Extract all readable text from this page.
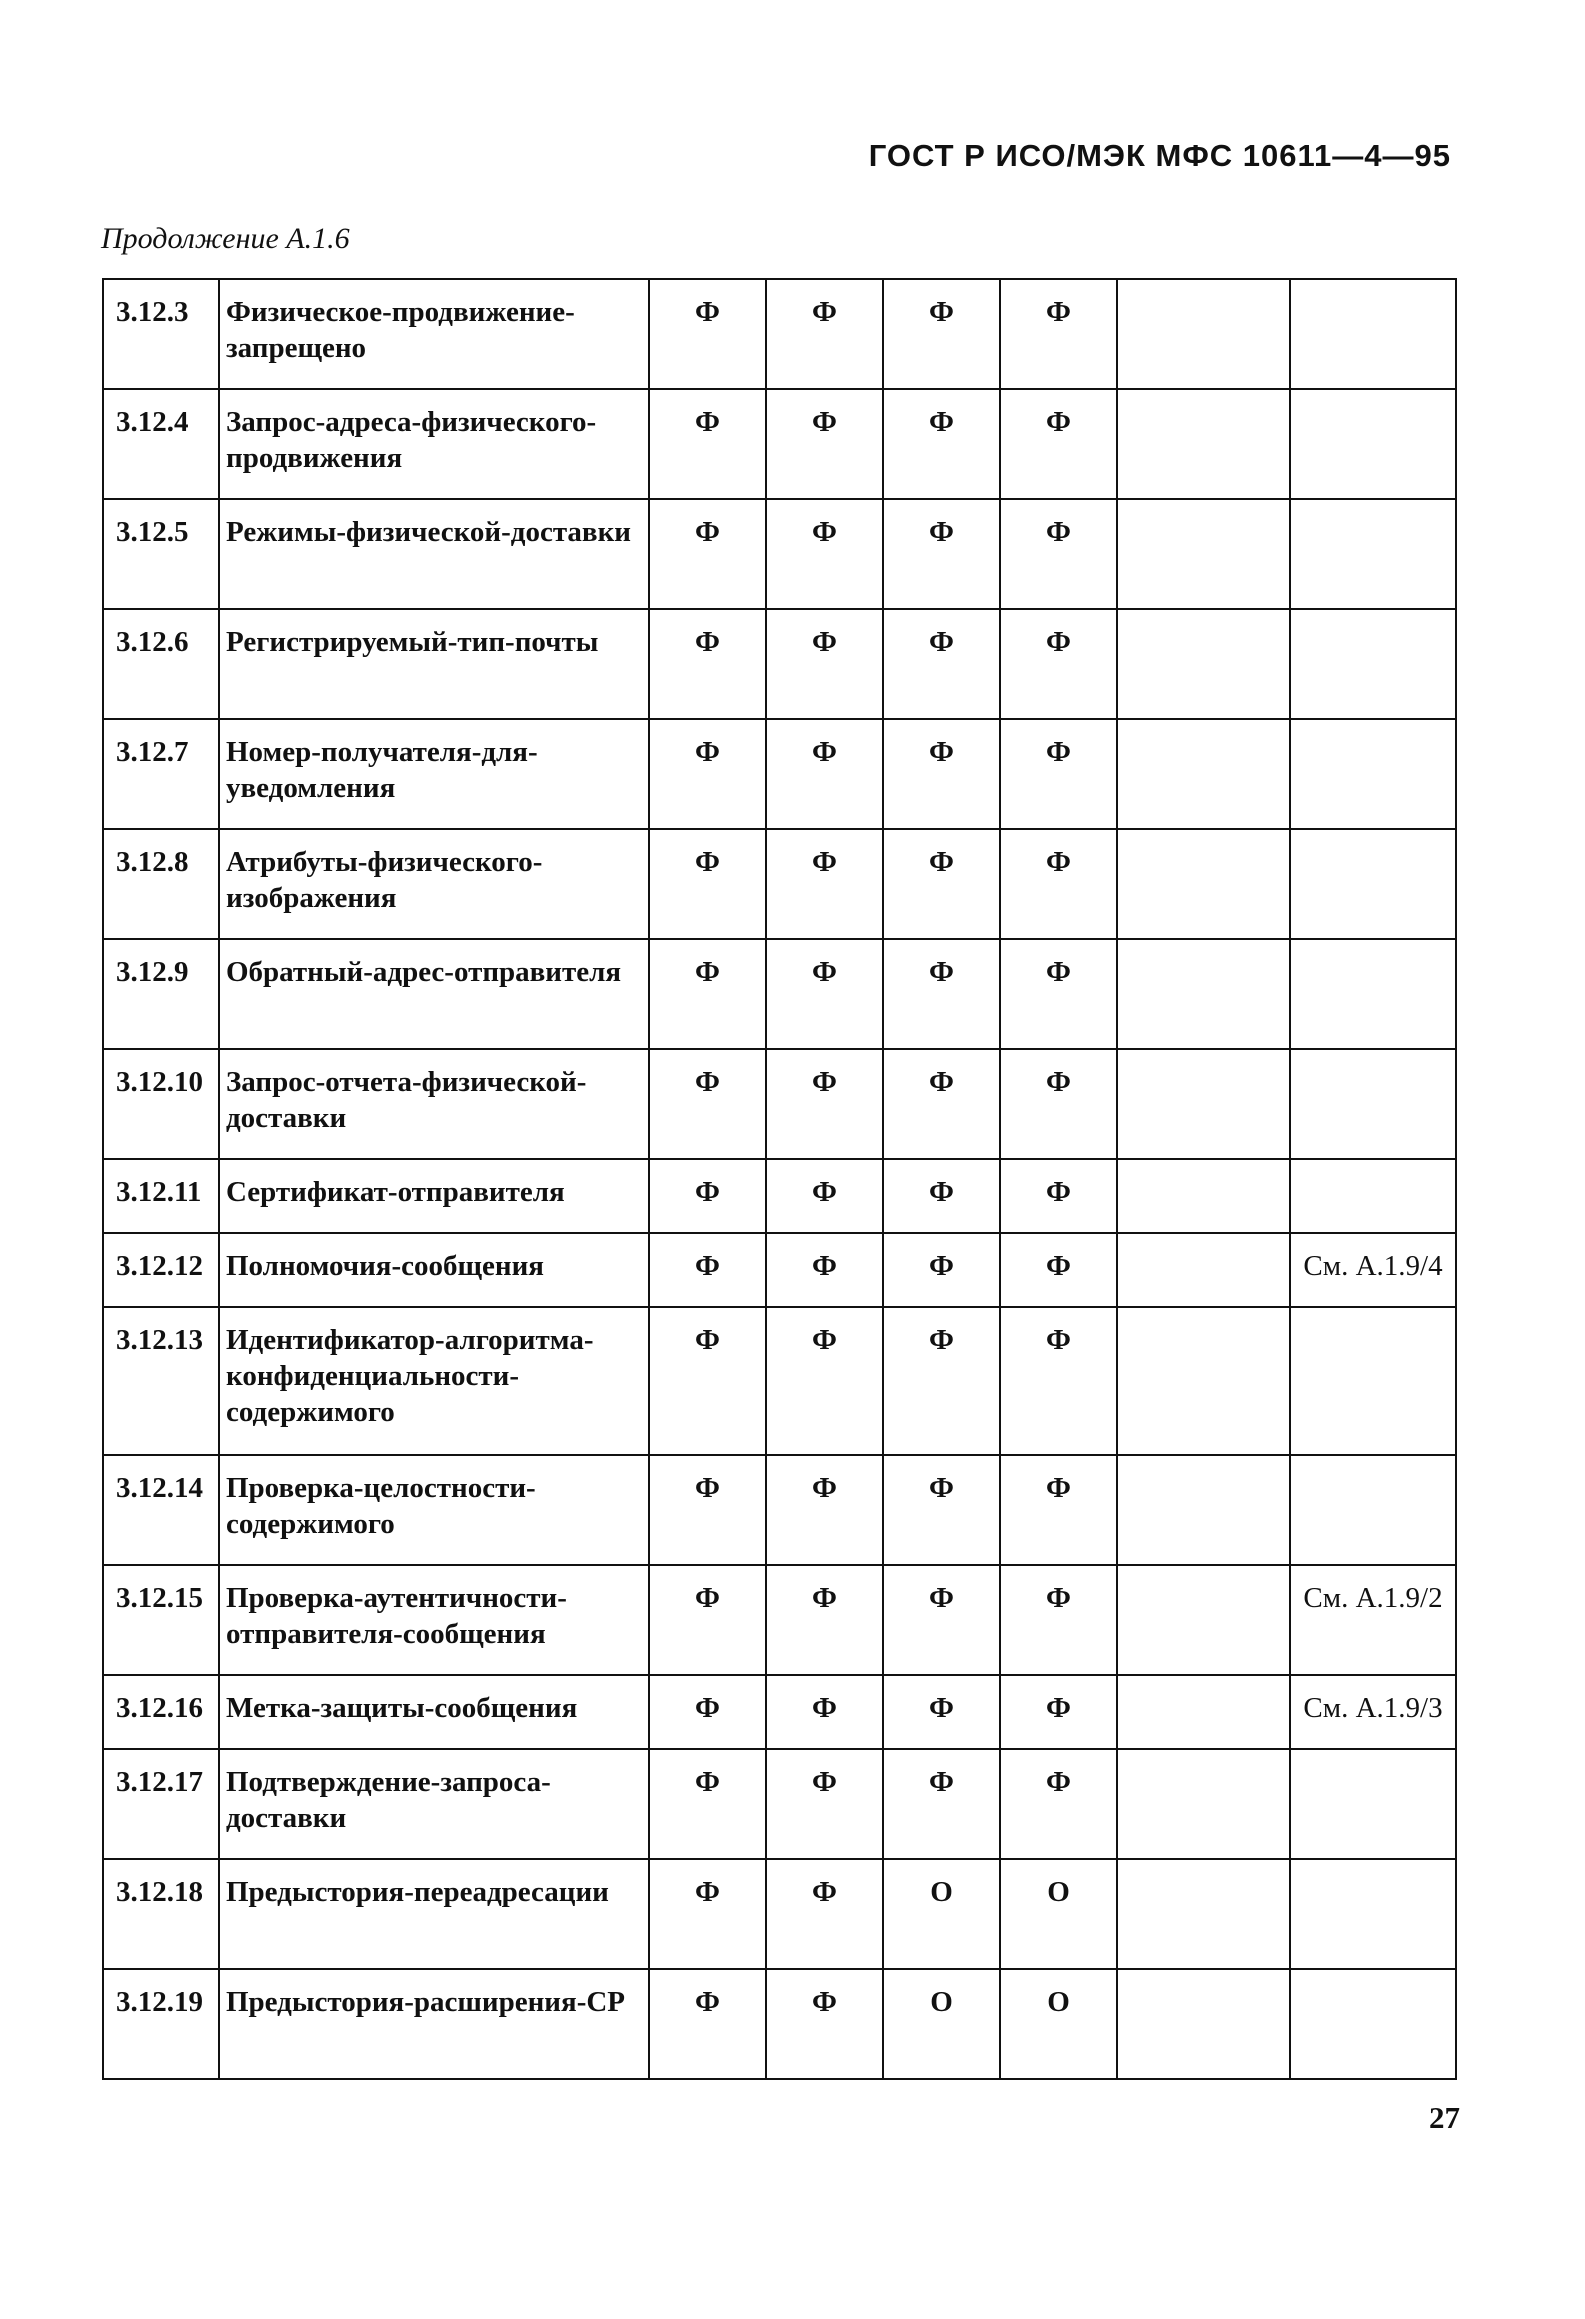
ГОСТ Р ИСО/МЭК МФС 10611—4—95
Продолжение А.1.6
3.12.3	Физическое-продвижение-запрещено	Ф	Ф	Ф	Ф		
3.12.4	Запрос-адреса-физического-продвижения	Ф	Ф	Ф	Ф		
3.12.5	Режимы-физической-доставки	Ф	Ф	Ф	Ф		
3.12.6	Регистрируемый-тип-почты	Ф	Ф	Ф	Ф		
3.12.7	Номер-получателя-для-уведомления	Ф	Ф	Ф	Ф		
3.12.8	Атрибуты-физического-изображения	Ф	Ф	Ф	Ф		
3.12.9	Обратный-адрес-отправителя	Ф	Ф	Ф	Ф		
3.12.10	Запрос-отчета-физической-доставки	Ф	Ф	Ф	Ф		
3.12.11	Сертификат-отправителя	Ф	Ф	Ф	Ф		
3.12.12	Полномочия-сообщения	Ф	Ф	Ф	Ф		См. А.1.9/4
3.12.13	Идентификатор-алгоритма-конфиденциальности-содержимого	Ф	Ф	Ф	Ф		
3.12.14	Проверка-целостности-содержимого	Ф	Ф	Ф	Ф		
3.12.15	Проверка-аутентичности-отправителя-сообщения	Ф	Ф	Ф	Ф		См. А.1.9/2
3.12.16	Метка-защиты-сообщения	Ф	Ф	Ф	Ф		См. А.1.9/3
3.12.17	Подтверждение-запроса-доставки	Ф	Ф	Ф	Ф		
3.12.18	Предыстория-переадресации	Ф	Ф	О	О		
3.12.19	Предыстория-расширения-СР	Ф	Ф	О	О		
27
